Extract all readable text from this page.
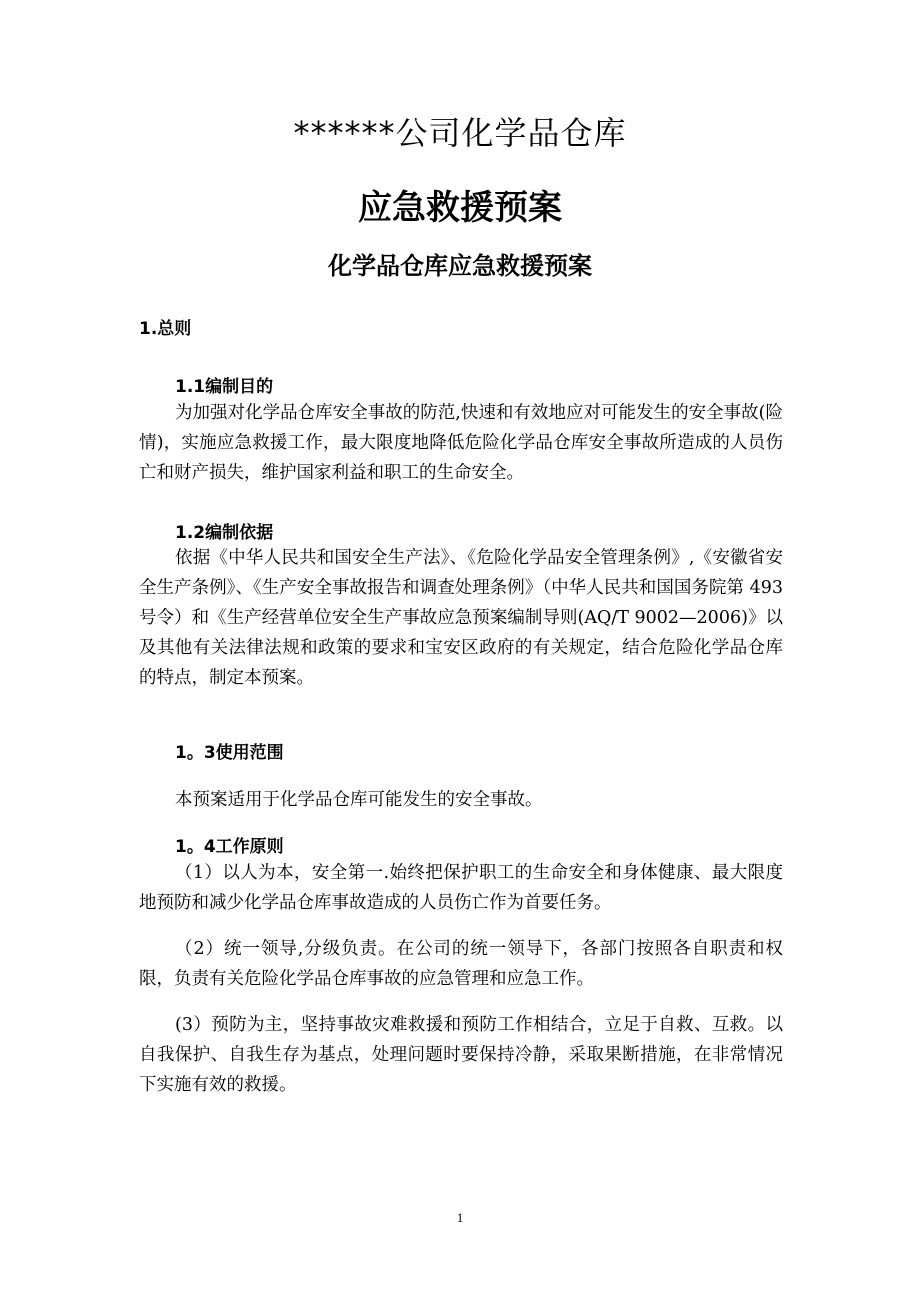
******公司化学品仓库
应急救援预案
化学品仓库应急救援预案
1.总则
1.1编制目的
为加强对化学品仓库安全事故的防范,快速和有效地应对可能发生的安全事故(险情)，实施应急救援工作，最大限度地降低危险化学品仓库安全事故所造成的人员伤亡和财产损失，维护国家利益和职工的生命安全。
1.2编制依据
依据《中华人民共和国安全生产法》、《危险化学品安全管理条例》,《安徽省安全生产条例》、《生产安全事故报告和调查处理条例》（中华人民共和国国务院第 493 号令）和《生产经营单位安全生产事故应急预案编制导则(AQ/T 9002—2006)》以及其他有关法律法规和政策的要求和宝安区政府的有关规定，结合危险化学品仓库的特点，制定本预案。
1。3使用范围
本预案适用于化学品仓库可能发生的安全事故。
1。4工作原则
（1）以人为本，安全第一.始终把保护职工的生命安全和身体健康、最大限度地预防和减少化学品仓库事故造成的人员伤亡作为首要任务。
（2）统一领导,分级负责。在公司的统一领导下，各部门按照各自职责和权限，负责有关危险化学品仓库事故的应急管理和应急工作。
(3）预防为主，坚持事故灾难救援和预防工作相结合，立足于自救、互救。以自我保护、自我生存为基点，处理问题时要保持冷静，采取果断措施，在非常情况下实施有效的救援。
1
